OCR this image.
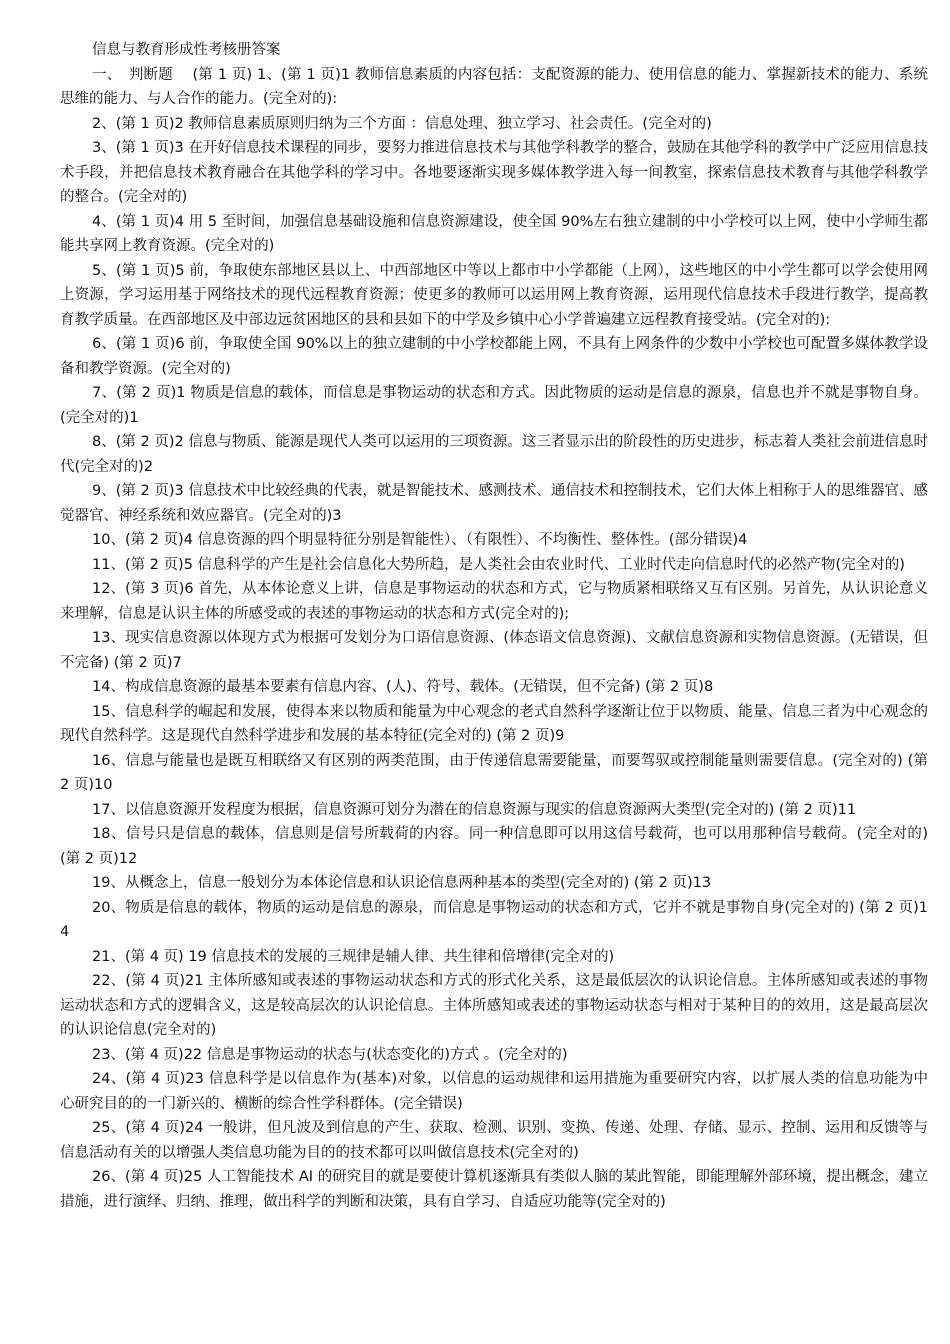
信息与教育形成性考核册答案

一、　判断题　 (第 1 页) 1、(第 1 页)1 教师信息素质的内容包括：支配资源的能力、使用信息的能力、掌握新技术的能力、系统思维的能力、与人合作的能力。(完全对的):

2、(第 1 页)2 教师信息素质原则归纳为三个方面 ：信息处理、独立学习、社会责任。(完全对的)

3、(第 1 页)3 在开好信息技术课程的同步，要努力推进信息技术与其他学科教学的整合，鼓励在其他学科的教学中广泛应用信息技术手段，并把信息技术教育融合在其他学科的学习中。各地要逐渐实现多媒体教学进入每一间教室，探索信息技术教育与其他学科教学的整合。(完全对的)

4、(第 1 页)4 用 5 至时间，加强信息基础设施和信息资源建设，使全国 90%左右独立建制的中小学校可以上网，使中小学师生都能共享网上教育资源。(完全对的)

5、(第 1 页)5 前，争取使东部地区县以上、中西部地区中等以上都市中小学都能（上网），这些地区的中小学生都可以学会使用网上资源，学习运用基于网络技术的现代远程教育资源；使更多的教师可以运用网上教育资源，运用现代信息技术手段进行教学，提高教育教学质量。在西部地区及中部边远贫困地区的县和县如下的中学及乡镇中心小学普遍建立远程教育接受站。(完全对的):

6、(第 1 页)6 前，争取使全国 90%以上的独立建制的中小学校都能上网，不具有上网条件的少数中小学校也可配置多媒体教学设备和教学资源。(完全对的)

7、(第 2 页)1 物质是信息的载体，而信息是事物运动的状态和方式。因此物质的运动是信息的源泉，信息也并不就是事物自身。(完全对的)1

8、(第 2 页)2 信息与物质、能源是现代人类可以运用的三项资源。这三者显示出的阶段性的历史进步，标志着人类社会前进信息时代(完全对的)2

9、(第 2 页)3 信息技术中比较经典的代表，就是智能技术、感测技术、通信技术和控制技术，它们大体上相称于人的思维器官、感觉器官、神经系统和效应器官。(完全对的)3

10、(第 2 页)4 信息资源的四个明显特征分别是智能性）、（有限性）、不均衡性、整体性。(部分错误)4

11、(第 2 页)5 信息科学的产生是社会信息化大势所趋，是人类社会由农业时代、工业时代走向信息时代的必然产物(完全对的)

12、(第 3 页)6 首先，从本体论意义上讲，信息是事物运动的状态和方式，它与物质紧相联络又互有区别。另首先，从认识论意义来理解，信息是认识主体的所感受或的表述的事物运动的状态和方式(完全对的);

13、现实信息资源以体现方式为根据可发划分为口语信息资源、(体态语文信息资源)、文献信息资源和实物信息资源。(无错误，但不完备) (第 2 页)7

14、构成信息资源的最基本要素有信息内容、(人)、符号、载体。(无错误，但不完备) (第 2 页)8

15、信息科学的崛起和发展，使得本来以物质和能量为中心观念的老式自然科学逐渐让位于以物质、能量、信息三者为中心观念的现代自然科学。这是现代自然科学进步和发展的基本特征(完全对的) (第 2 页)9

16、信息与能量也是既互相联络又有区别的两类范围，由于传递信息需要能量，而要驾驭或控制能量则需要信息。(完全对的) (第 2 页)10

17、以信息资源开发程度为根据，信息资源可划分为潜在的信息资源与现实的信息资源两大类型(完全对的) (第 2 页)11

18、信号只是信息的载体，信息则是信号所载荷的内容。同一种信息即可以用这信号载荷，也可以用那种信号载荷。(完全对的) (第 2 页)12

19、从概念上，信息一般划分为本体论信息和认识论信息两种基本的类型(完全对的) (第 2 页)13

20、物质是信息的载体，物质的运动是信息的源泉，而信息是事物运动的状态和方式，它并不就是事物自身(完全对的) (第 2 页)14

21、(第 4 页) 19 信息技术的发展的三规律是辅人律、共生律和倍增律(完全对的)

22、(第 4 页)21 主体所感知或表述的事物运动状态和方式的形式化关系，这是最低层次的认识论信息。主体所感知或表述的事物运动状态和方式的逻辑含义，这是较高层次的认识论信息。主体所感知或表述的事物运动状态与相对于某种目的的效用，这是最高层次的认识论信息(完全对的)

23、(第 4 页)22 信息是事物运动的状态与(状态变化的)方式 。(完全对的)

24、(第 4 页)23 信息科学是以信息作为(基本)对象，以信息的运动规律和运用措施为重要研究内容，以扩展人类的信息功能为中心研究目的的一门新兴的、横断的综合性学科群体。(完全错误)

25、(第 4 页)24 一般讲，但凡波及到信息的产生、获取、检测、识别、变换、传递、处理、存储、显示、控制、运用和反馈等与信息活动有关的以增强人类信息功能为目的的技术都可以叫做信息技术(完全对的)

26、(第 4 页)25 人工智能技术 AI 的研究目的就是要使计算机逐渐具有类似人脑的某此智能，即能理解外部环境，提出概念，建立措施，进行演绎、归纳、推理，做出科学的判断和决策，具有自学习、自适应功能等(完全对的)
